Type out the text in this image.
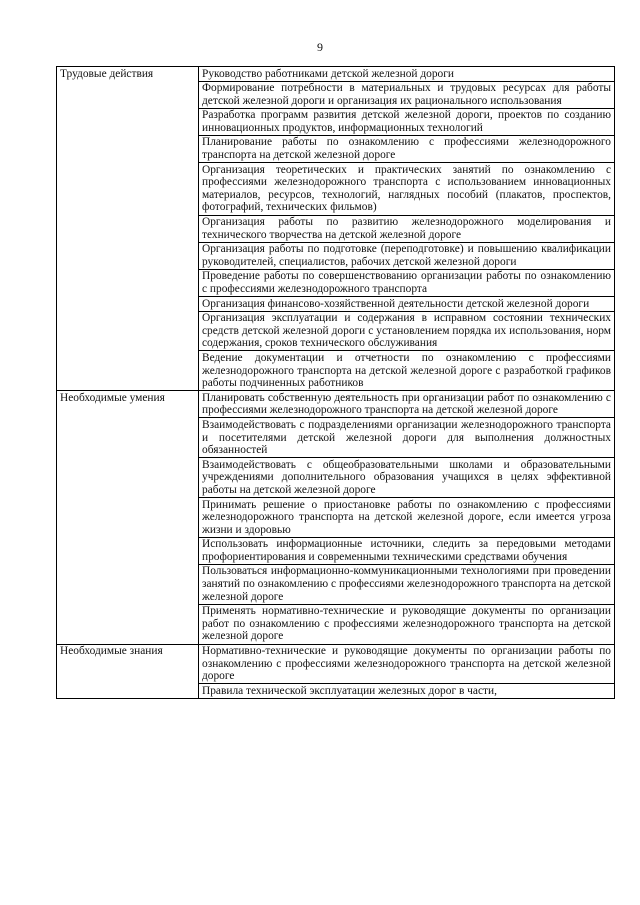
9
Трудовые действия	Руководство работниками детской железной дороги
	Формирование потребности в материальных и трудовых ресурсах для работы детской железной дороги и организация их рационального использования
	Разработка программ развития детской железной дороги, проектов по созданию инновационных продуктов, информационных технологий
	Планирование работы по ознакомлению с профессиями железнодорожного транспорта на детской железной дороге
	Организация теоретических и практических занятий по ознакомлению с профессиями железнодорожного транспорта с использованием инновационных материалов, ресурсов, технологий, наглядных пособий (плакатов, проспектов, фотографий, технических фильмов)
	Организация работы по развитию железнодорожного моделирования и технического творчества на детской железной дороге
	Организация работы по подготовке (переподготовке) и повышению квалификации руководителей, специалистов, рабочих детской железной дороги
	Проведение работы по совершенствованию организации работы по ознакомлению с профессиями железнодорожного транспорта
	Организация финансово-хозяйственной деятельности детской железной дороги
	Организация эксплуатации и содержания в исправном состоянии технических средств детской железной дороги с установлением порядка их использования, норм содержания, сроков технического обслуживания
	Ведение документации и отчетности по ознакомлению с профессиями железнодорожного транспорта на детской железной дороге с разработкой графиков работы подчиненных работников
Необходимые умения	Планировать собственную деятельность при организации работ по ознакомлению с профессиями железнодорожного транспорта на детской железной дороге
	Взаимодействовать с подразделениями организации железнодорожного транспорта и посетителями детской железной дороги для выполнения должностных обязанностей
	Взаимодействовать с общеобразовательными школами и образовательными учреждениями дополнительного образования учащихся в целях эффективной работы на детской железной дороге
	Принимать решение о приостановке работы по ознакомлению с профессиями железнодорожного транспорта на детской железной дороге, если имеется угроза жизни и здоровью
	Использовать информационные источники, следить за передовыми методами профориентирования и современными техническими средствами обучения
	Пользоваться информационно-коммуникационными технологиями при проведении занятий по ознакомлению с профессиями железнодорожного транспорта на детской железной дороге
	Применять нормативно-технические и руководящие документы по организации работ по ознакомлению с профессиями железнодорожного транспорта на детской железной дороге
Необходимые знания	Нормативно-технические и руководящие документы по организации работы по ознакомлению с профессиями железнодорожного транспорта на детской железной дороге
	Правила технической эксплуатации железных дорог в части,
